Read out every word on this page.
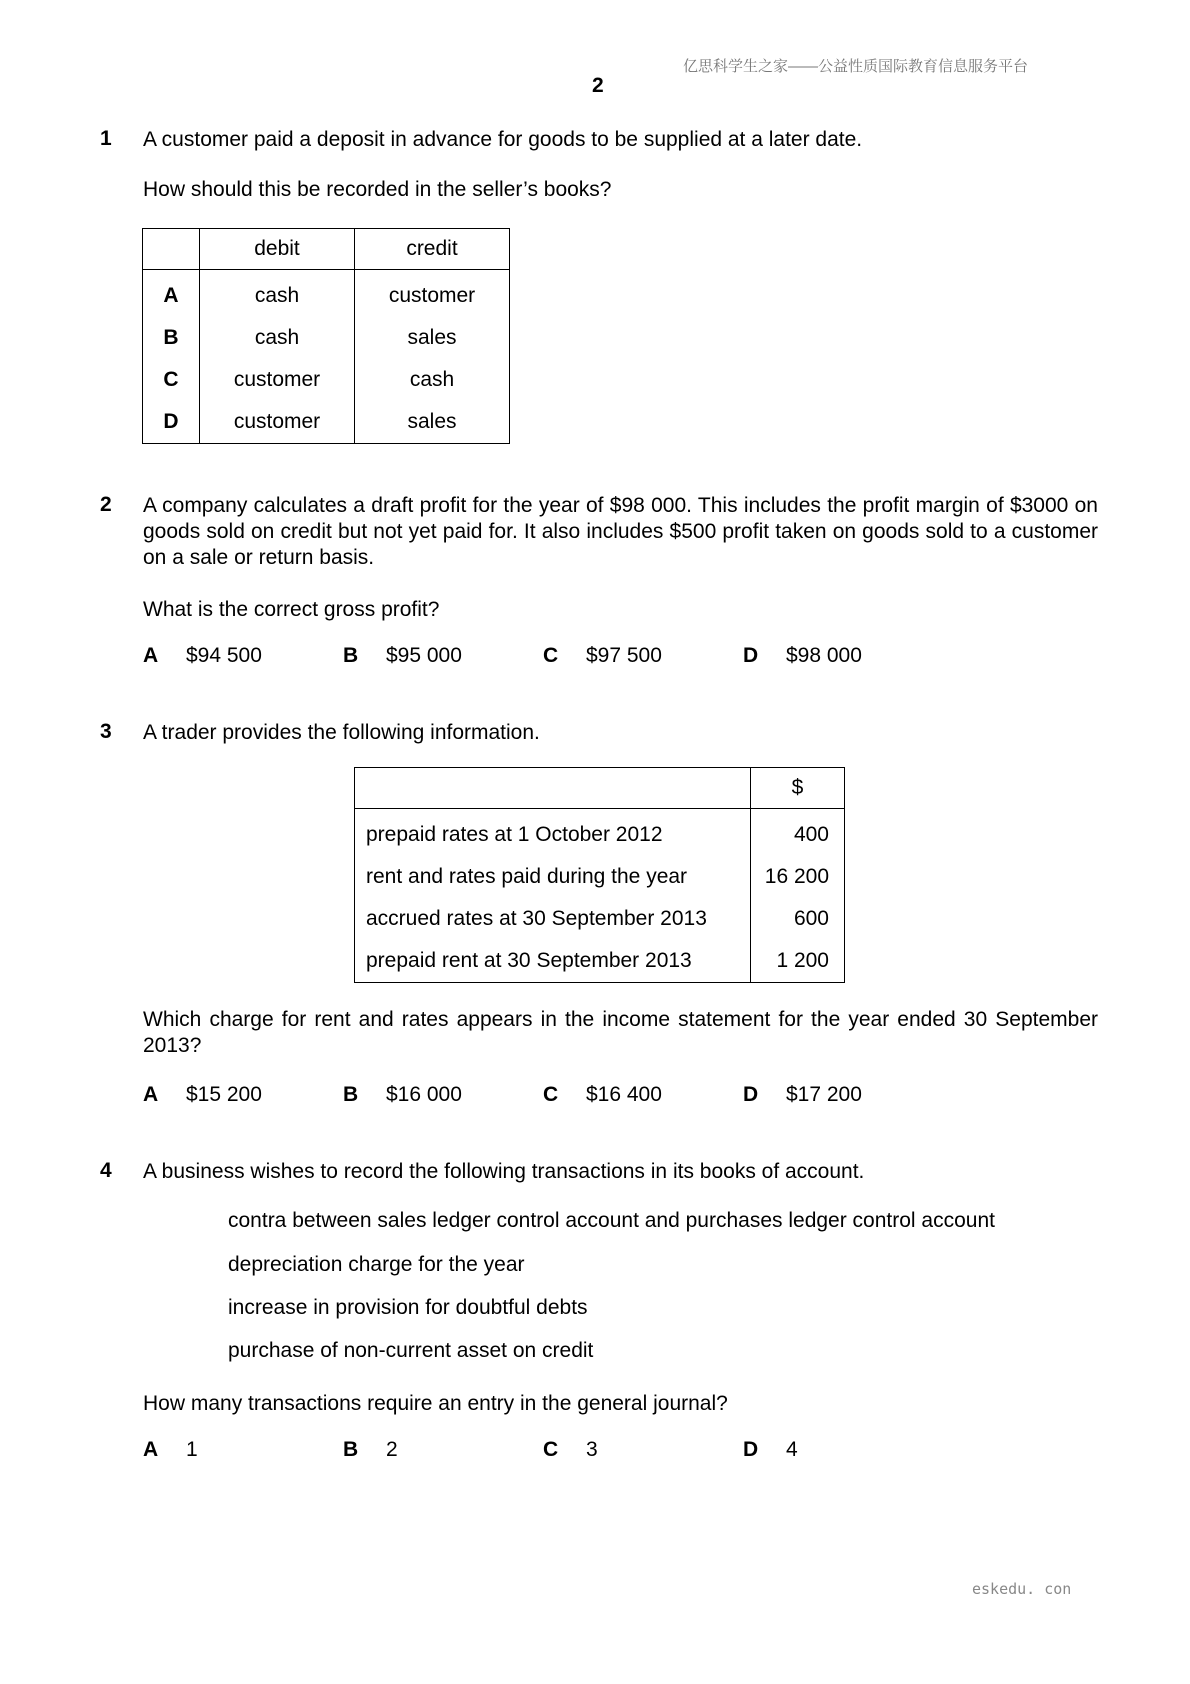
亿思科学生之家——公益性质国际教育信息服务平台
2
1 A customer paid a deposit in advance for goods to be supplied at a later date.
How should this be recorded in the seller’s books?
	debit	credit
A	cash	customer
B	cash	sales
C	customer	cash
D	customer	sales
2 A company calculates a draft profit for the year of $98 000. This includes the profit margin of $3000 on goods sold on credit but not yet paid for. It also includes $500 profit taken on goods sold to a customer on a sale or return basis.
What is the correct gross profit?
A $94 500	B $95 000	C $97 500	D $98 000
3 A trader provides the following information.
	$
prepaid rates at 1 October 2012	400
rent and rates paid during the year	16 200
accrued rates at 30 September 2013	600
prepaid rent at 30 September 2013	1 200
Which charge for rent and rates appears in the income statement for the year ended 30 September 2013?
A $15 200	B $16 000	C $16 400	D $17 200
4 A business wishes to record the following transactions in its books of account.
contra between sales ledger control account and purchases ledger control account
depreciation charge for the year
increase in provision for doubtful debts
purchase of non-current asset on credit
How many transactions require an entry in the general journal?
A 1	B 2	C 3	D 4
eskedu. con
